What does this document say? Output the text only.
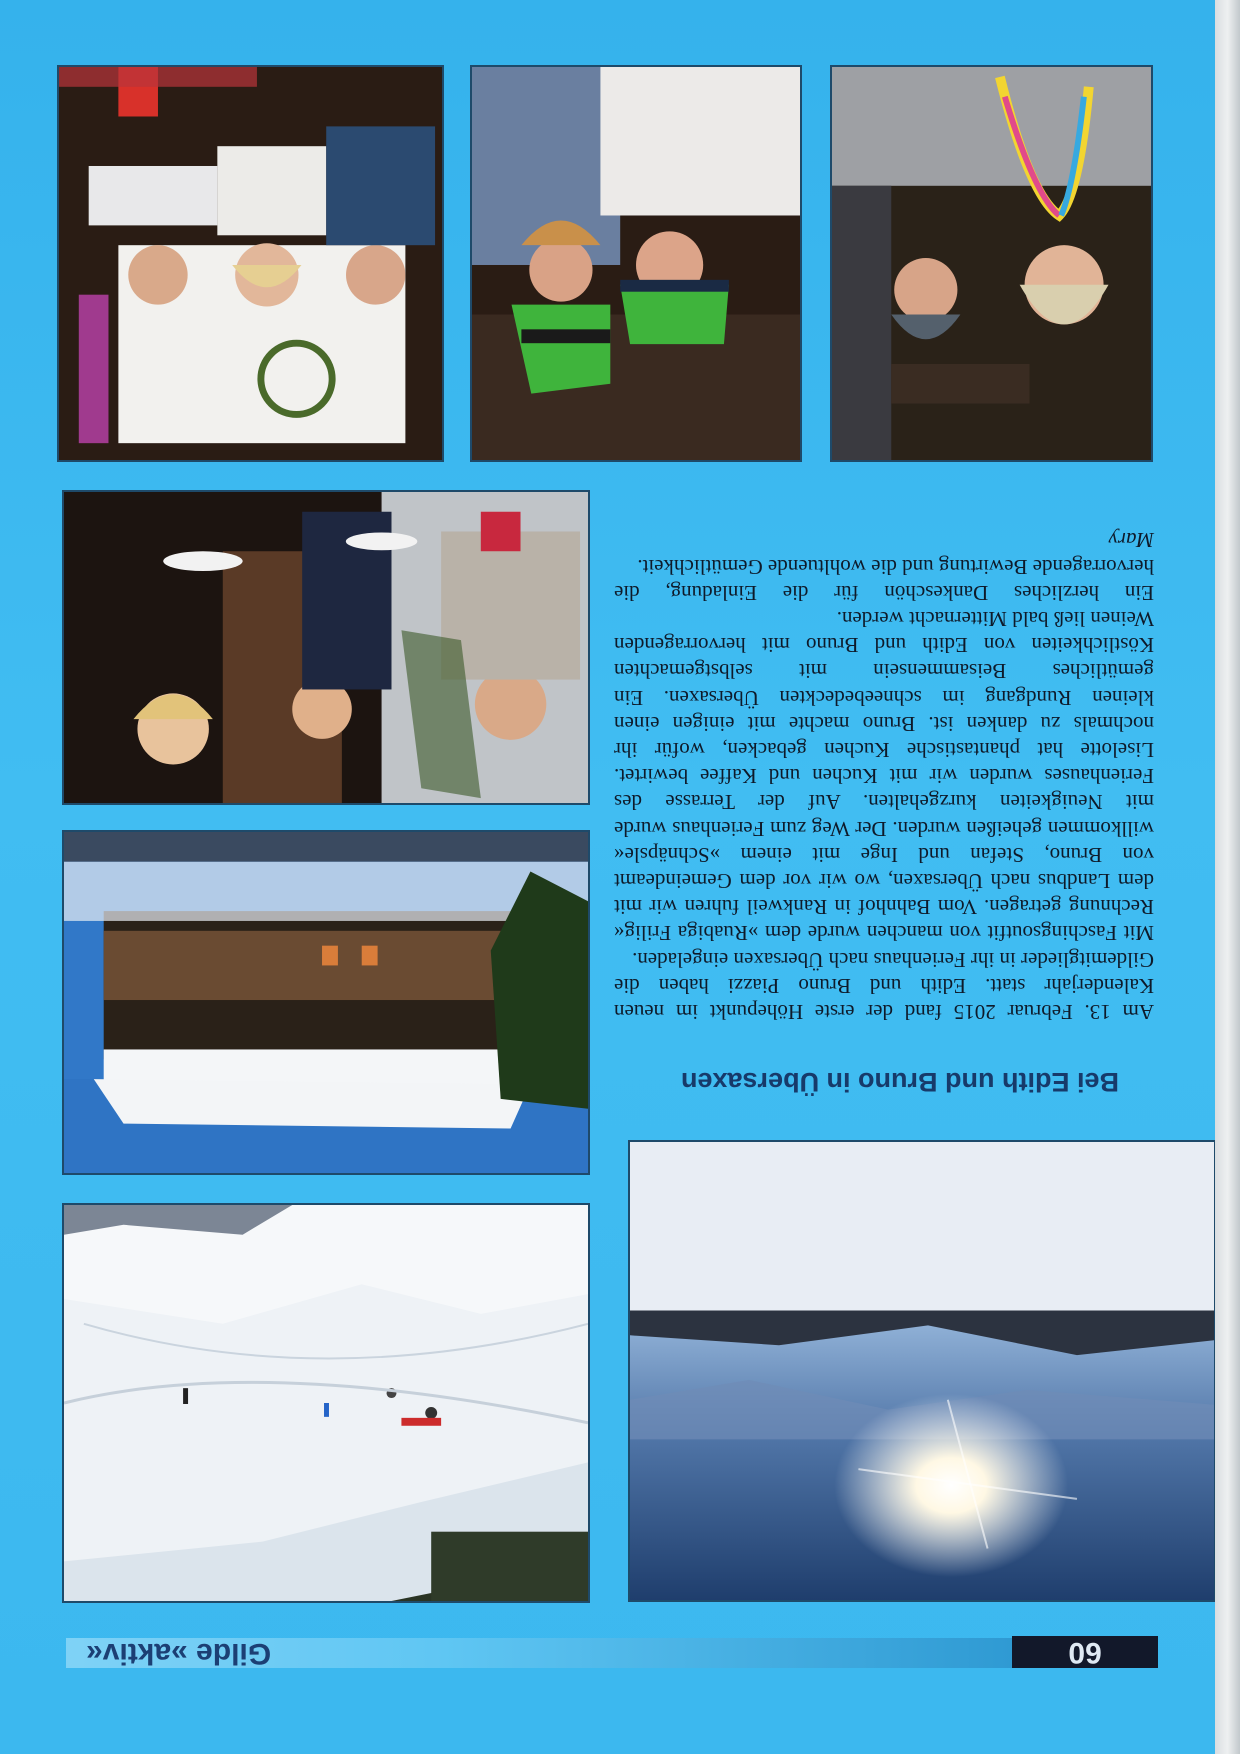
Gilde »aktiv«	60
Bei Edith und Bruno in Übersaxen

Am 13. Februar 2015 fand der erste Höhepunkt im neuen Kalenderjahr statt. Edith und Bruno Piazzi haben die Gildemitglieder in ihr Ferienhaus nach Übersaxen eingeladen.

Mit Faschingsoutfit von manchen wurde dem »Ruabiga Frilig« Rechnung getragen. Vom Bahnhof in Rankweil fuhren wir mit dem Landbus nach Übersaxen, wo wir vor dem Gemeindeamt von Bruno, Stefan und Inge mit einem »Schnäpsle« willkommen geheißen wurden. Der Weg zum Ferienhaus wurde mit Neuigkeiten kurzgehalten. Auf der Terrasse des Ferienhauses wurden wir mit Kuchen und Kaffee bewirtet. Liselotte hat phantastische Kuchen gebacken, wofür ihr nochmals zu danken ist. Bruno machte mit einigen einen kleinen Rundgang im schneebedeckten Übersaxen. Ein gemütliches Beisammensein mit selbstgemachten Köstlichkeiten von Edith und Bruno mit hervorragenden Weinen ließ bald Mitternacht werden.

Ein herzliches Dankeschön für die Einladung, die hervorragende Bewirtung und die wohltuende Gemütlichkeit.

Mary
